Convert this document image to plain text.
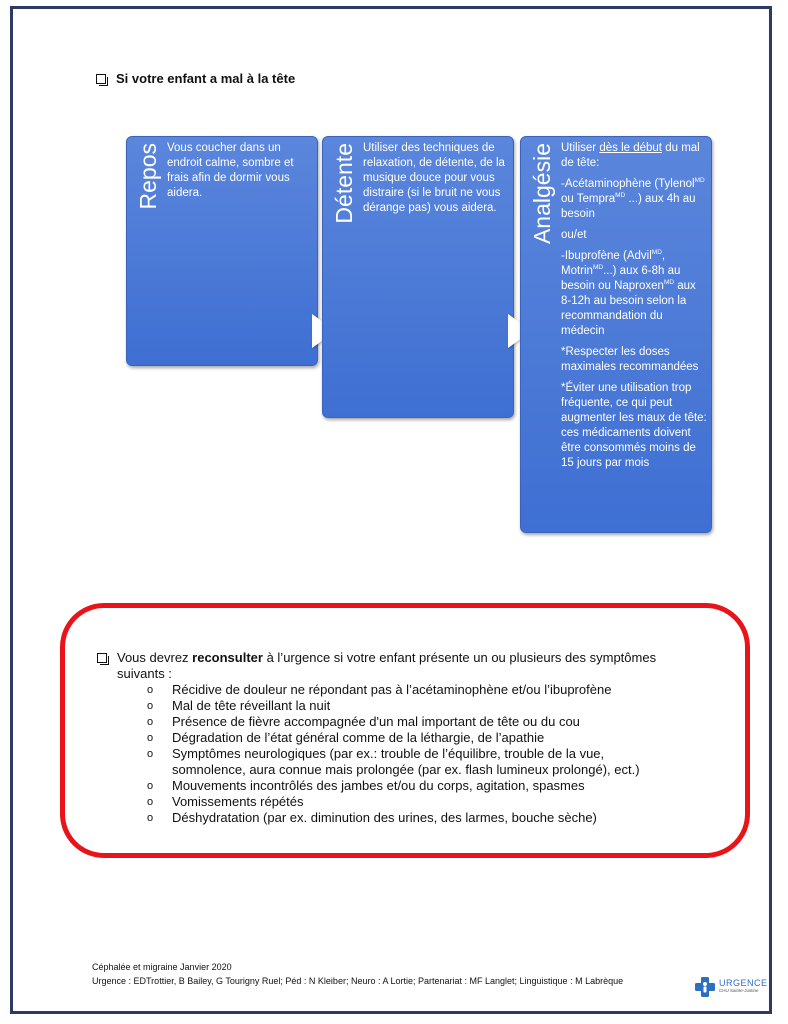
Si votre enfant a mal à la tête
Repos Vous coucher dans un endroit calme, sombre et frais afin de dormir vous aidera.	Détente Utiliser des techniques de relaxation, de détente, de la musique douce pour vous distraire (si le bruit ne vous dérange pas) vous aidera.	Analgésie Utiliser dès le début du mal de tête:

-Acétaminophène (Tylenol$^{MD}$ ou Tempra$^{MD}$ ...) aux 4h au besoin

ou/et

-Ibuprofène (Advil$^{MD}$, Motrin$^{MD}$...) aux 6-8h au besoin ou Naproxen$^{MD}$ aux 8-12h au besoin selon la recommandation du médecin

*Respecter les doses maximales recommandées

*Éviter une utilisation trop fréquente, ce qui peut augmenter les maux de tête: ces médicaments doivent être consommés moins de 15 jours par mois

Vous devrez reconsulter à l’urgence si votre enfant présente un ou plusieurs des symptômes suivants :
o Récidive de douleur ne répondant pas à l’acétaminophène et/ou l’ibuprofène
o Mal de tête réveillant la nuit
o Présence de fièvre accompagnée d'un mal important de tête ou du cou
o Dégradation de l’état général comme de la léthargie, de l’apathie
o Symptômes neurologiques (par ex.: trouble de l’équilibre, trouble de la vue, somnolence, aura connue mais prolongée (par ex. flash lumineux prolongé), ect.)
o Mouvements incontrôlés des jambes et/ou du corps, agitation, spasmes
o Vomissements répétés
o Déshydratation (par ex. diminution des urines, des larmes, bouche sèche)
Céphalée et migraine Janvier 2020
Urgence : EDTrottier, B Bailey, G Tourigny Ruel; Péd : N Kleiber; Neuro : A Lortie; Partenariat : MF Langlet; Linguistique : M Labrèque	URGENCE
CHU Sainte-Justine
